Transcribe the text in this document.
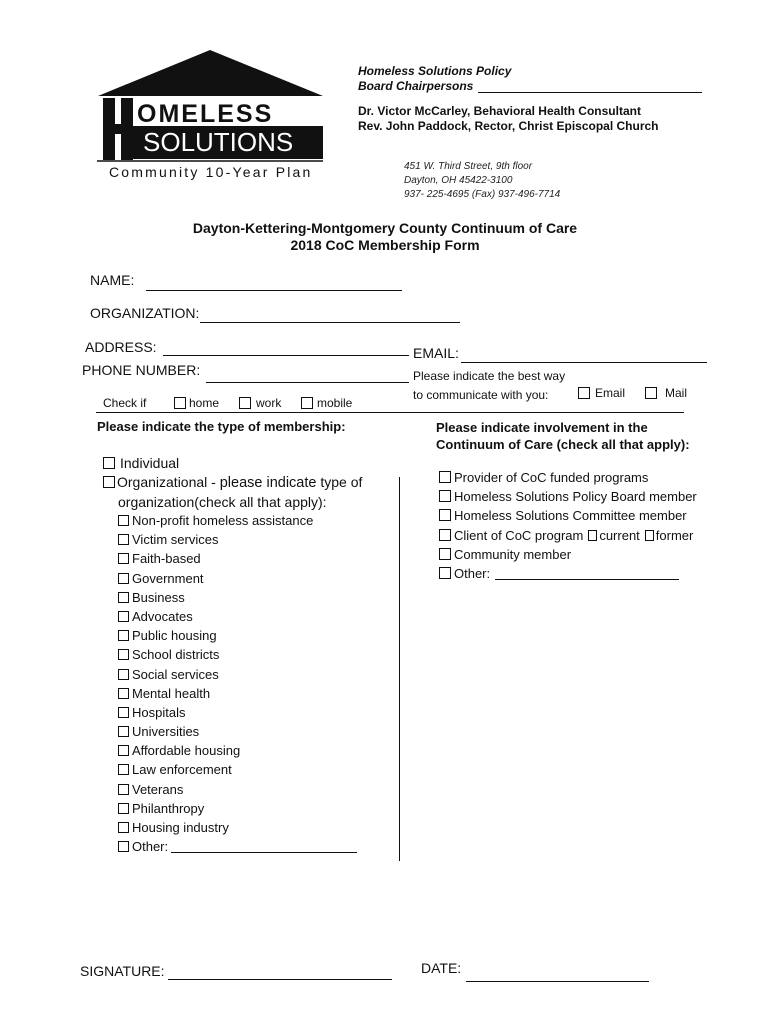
OMELESS
SOLUTIONS
Community 10-Year Plan
Homeless Solutions Policy
Board Chairpersons
Dr. Victor McCarley, Behavioral Health Consultant
Rev. John Paddock, Rector, Christ Episcopal Church
451 W. Third Street, 9th floor
Dayton, OH 45422-3100
937- 225-4695 (Fax) 937-496-7714
Dayton-Kettering-Montgomery County Continuum of Care
2018 CoC Membership Form
NAME:
ORGANIZATION:
ADDRESS:	EMAIL:
PHONE NUMBER:	Please indicate the best way
to communicate with you:	Email	Mail
Check if	home	work	mobile
Please indicate the type of membership:
Individual
Organizational - please indicate type of
organization(check all that apply):
Non-profit homeless assistance
Victim services
Faith-based
Government
Business
Advocates
Public housing
School districts
Social services
Mental health
Hospitals
Universities
Affordable housing
Law enforcement
Veterans
Philanthropy
Housing industry
Other:
Please indicate involvement in the
Continuum of Care (check all that apply):
Provider of CoC funded programs
Homeless Solutions Policy Board member
Homeless Solutions Committee member
Client of CoC program current former
Community member
Other:
SIGNATURE:	DATE:
